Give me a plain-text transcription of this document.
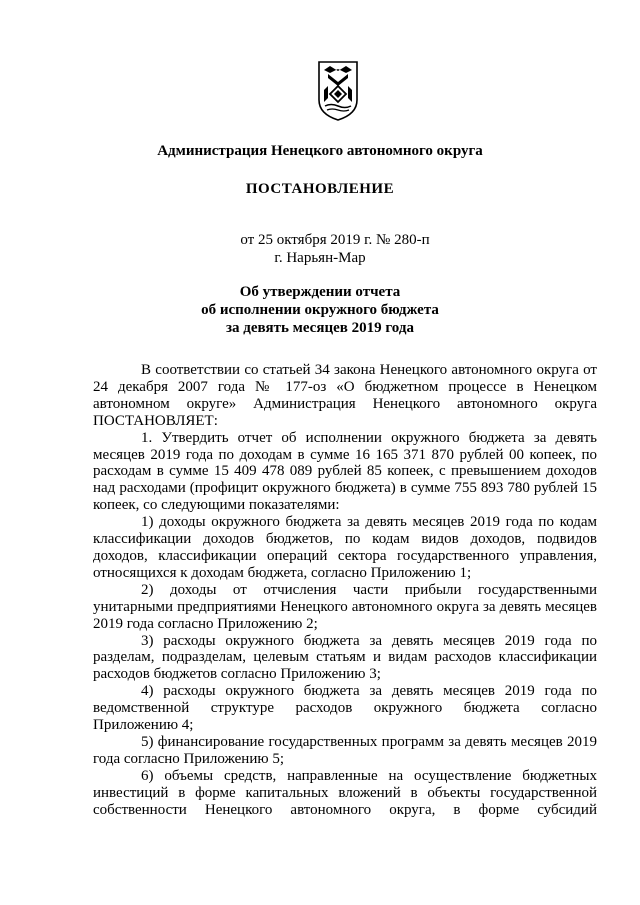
Администрация Ненецкого автономного округа
ПОСТАНОВЛЕНИЕ
от 25 октября 2019 г. № 280-п
г. Нарьян-Мар
Об утверждении отчета
об исполнении окружного бюджета
за девять месяцев 2019 года

В соответствии со статьей 34 закона Ненецкого автономного округа от 24 декабря 2007 года № 177-оз «О бюджетном процессе в Ненецком автономном округе» Администрация Ненецкого автономного округа ПОСТАНОВЛЯЕТ:

1. Утвердить отчет об исполнении окружного бюджета за девять месяцев 2019 года по доходам в сумме 16 165 371 870 рублей 00 копеек, по расходам в сумме 15 409 478 089 рублей 85 копеек, с превышением доходов над расходами (профицит окружного бюджета) в сумме 755 893 780 рублей 15 копеек, со следующими показателями:

1) доходы окружного бюджета за девять месяцев 2019 года по кодам классификации доходов бюджетов, по кодам видов доходов, подвидов доходов, классификации операций сектора государственного управления, относящихся к доходам бюджета, согласно Приложению 1;

2) доходы от отчисления части прибыли государственными унитарными предприятиями Ненецкого автономного округа за девять месяцев 2019 года согласно Приложению 2;

3) расходы окружного бюджета за девять месяцев 2019 года по разделам, подразделам, целевым статьям и видам расходов классификации расходов бюджетов согласно Приложению 3;

4) расходы окружного бюджета за девять месяцев 2019 года по ведомственной структуре расходов окружного бюджета согласно Приложению 4;

5) финансирование государственных программ за девять месяцев 2019 года согласно Приложению 5;

6) объемы средств, направленные на осуществление бюджетных инвестиций в форме капитальных вложений в объекты государственной собственности Ненецкого автономного округа, в форме субсидий
